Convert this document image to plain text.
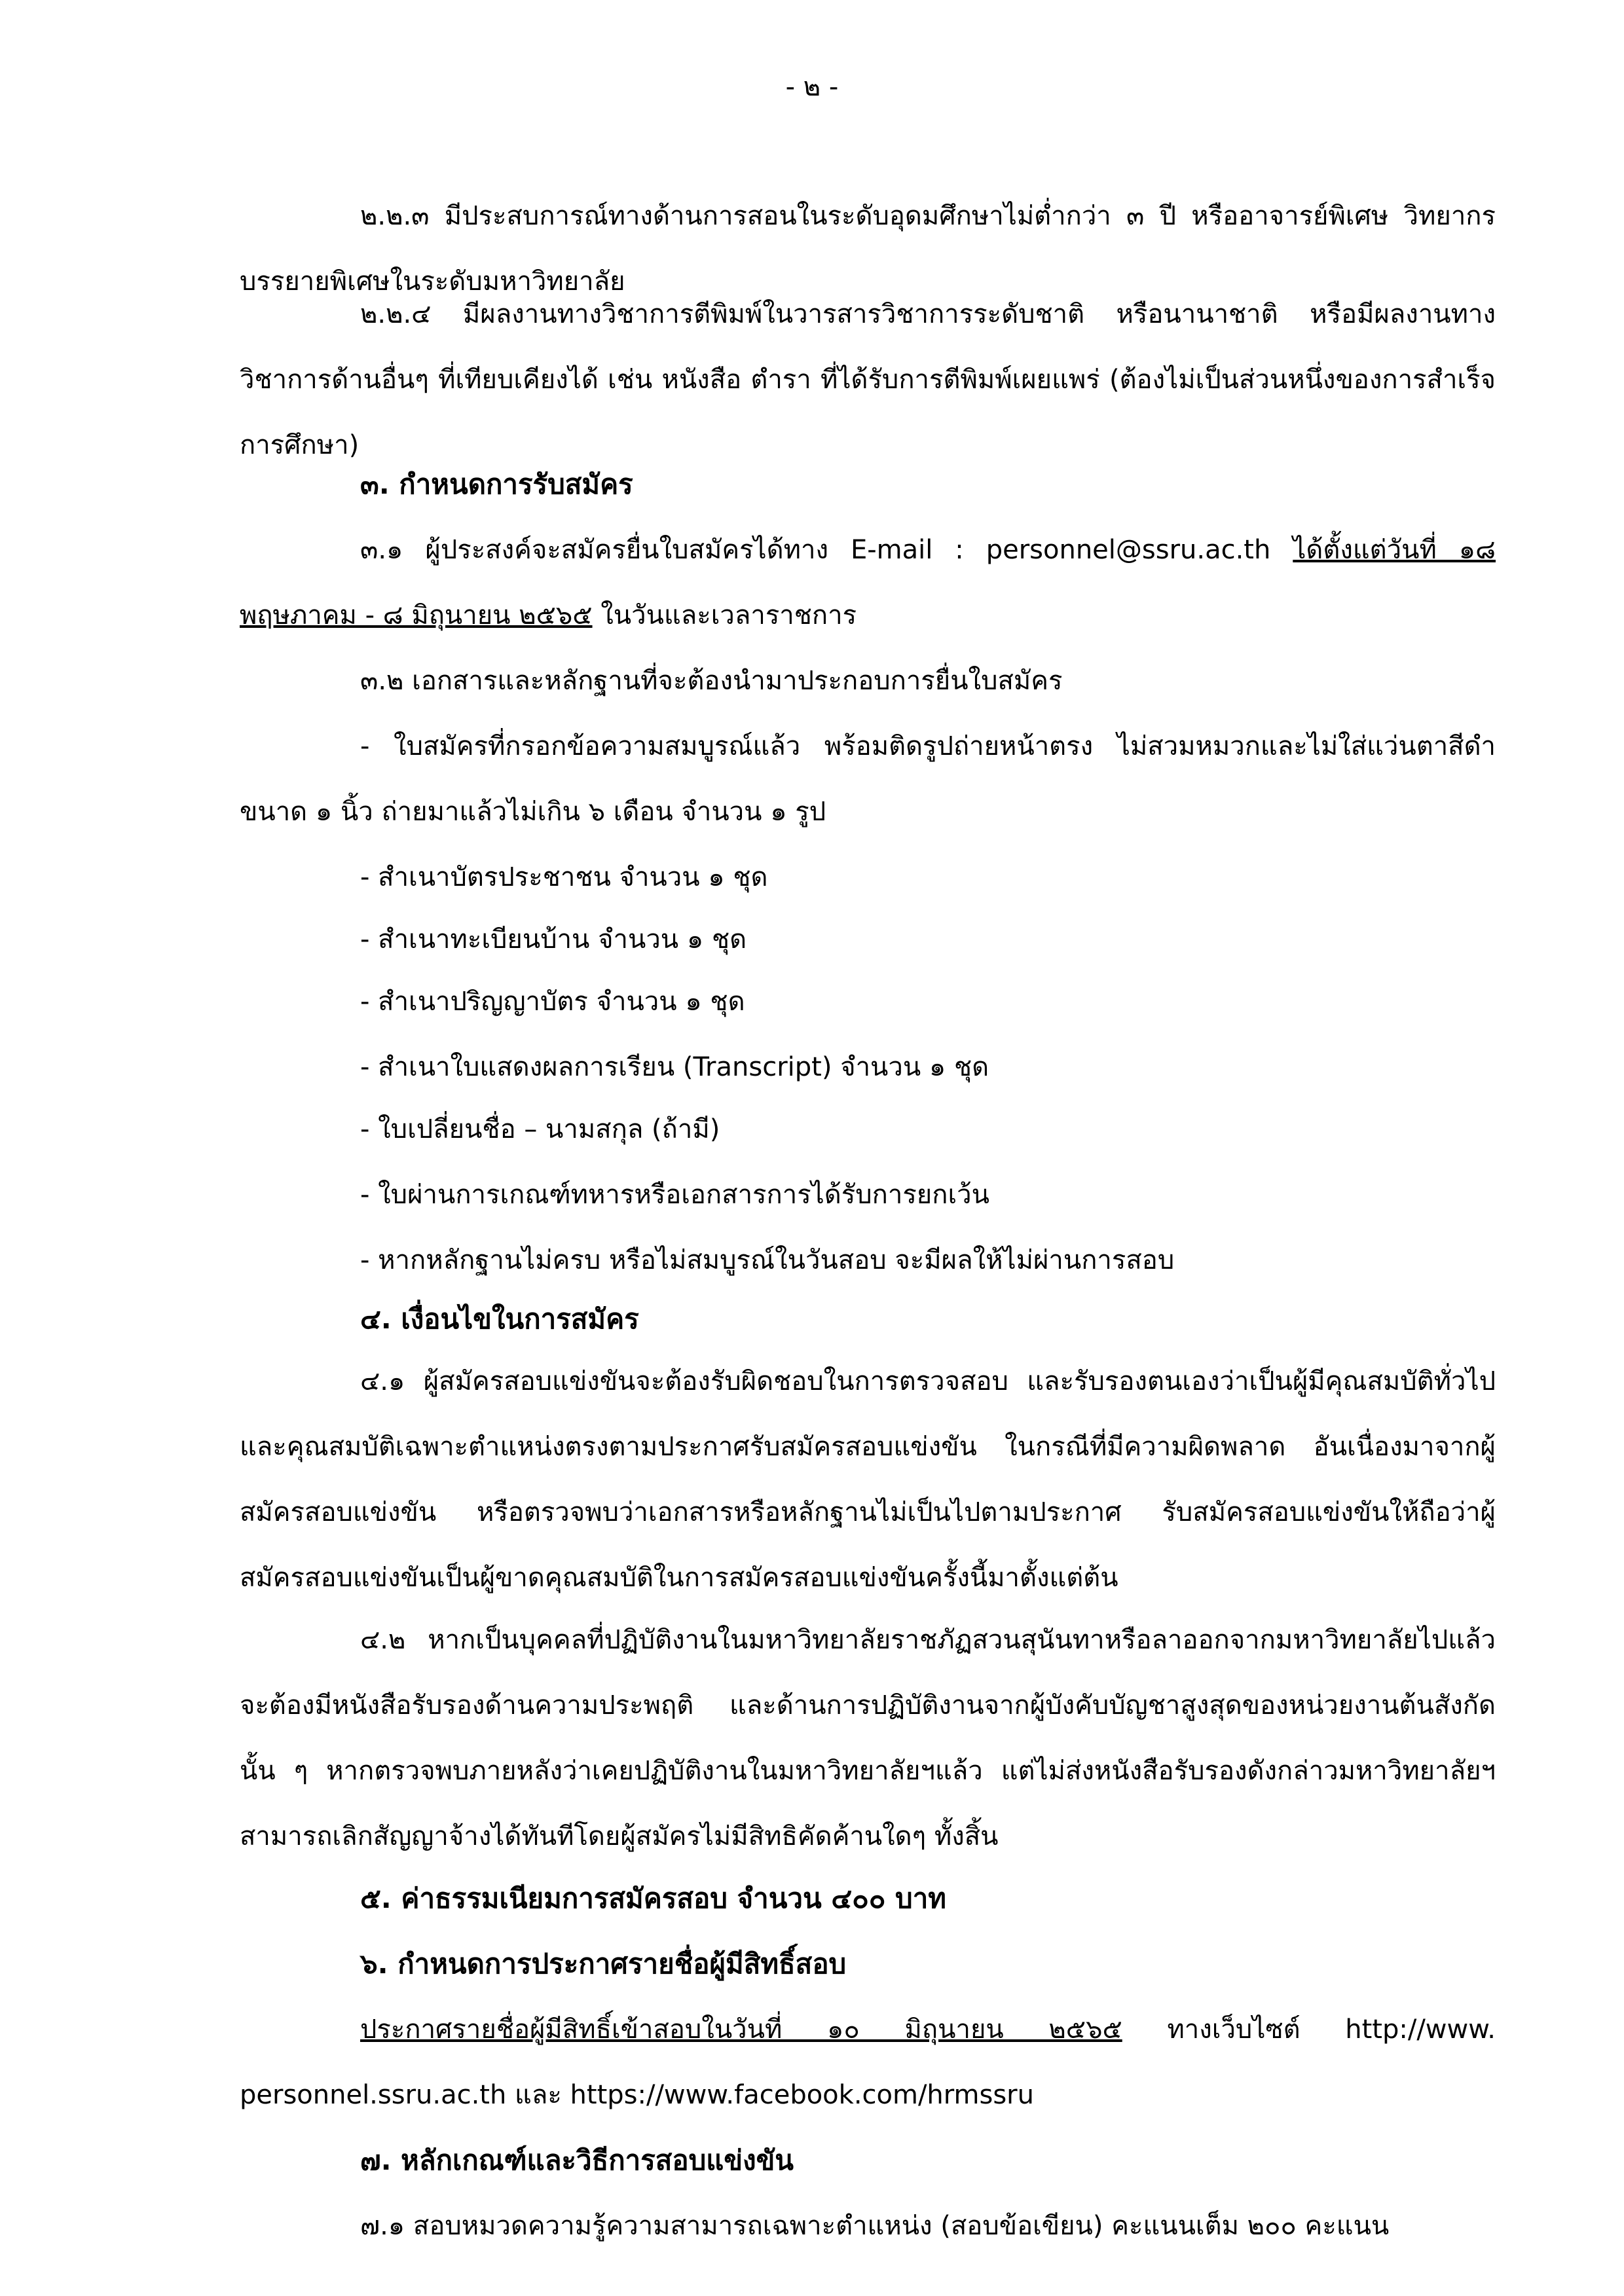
- ๒ -

๒.๒.๓ มีประสบการณ์ทางด้านการสอนในระดับอุดมศึกษาไม่ต่ำกว่า ๓ ปี หรืออาจารย์พิเศษ วิทยากรบรรยายพิเศษในระดับมหาวิทยาลัย

๒.๒.๔ มีผลงานทางวิชาการตีพิมพ์ในวารสารวิชาการระดับชาติ หรือนานาชาติ หรือมีผลงานทางวิชาการด้านอื่นๆ ที่เทียบเคียงได้ เช่น หนังสือ ตำรา ที่ได้รับการตีพิมพ์เผยแพร่ (ต้องไม่เป็นส่วนหนึ่งของการสำเร็จการศึกษา)

๓. กำหนดการรับสมัคร

๓.๑ ผู้ประสงค์จะสมัครยื่นใบสมัครได้ทาง E-mail : personnel@ssru.ac.th ได้ตั้งแต่วันที่ ๑๘ พฤษภาคม - ๘ มิถุนายน ๒๕๖๕ ในวันและเวลาราชการ

๓.๒ เอกสารและหลักฐานที่จะต้องนำมาประกอบการยื่นใบสมัคร

- ใบสมัครที่กรอกข้อความสมบูรณ์แล้ว พร้อมติดรูปถ่ายหน้าตรง ไม่สวมหมวกและไม่ใส่แว่นตาสีดำ ขนาด ๑ นิ้ว ถ่ายมาแล้วไม่เกิน ๖ เดือน จำนวน ๑ รูป

- สำเนาบัตรประชาชน จำนวน ๑ ชุด

- สำเนาทะเบียนบ้าน จำนวน ๑ ชุด

- สำเนาปริญญาบัตร จำนวน ๑ ชุด

- สำเนาใบแสดงผลการเรียน (Transcript) จำนวน ๑ ชุด

- ใบเปลี่ยนชื่อ – นามสกุล (ถ้ามี)

- ใบผ่านการเกณฑ์ทหารหรือเอกสารการได้รับการยกเว้น

- หากหลักฐานไม่ครบ หรือไม่สมบูรณ์ในวันสอบ จะมีผลให้ไม่ผ่านการสอบ

๔. เงื่อนไขในการสมัคร

๔.๑ ผู้สมัครสอบแข่งขันจะต้องรับผิดชอบในการตรวจสอบ และรับรองตนเองว่าเป็นผู้มีคุณสมบัติทั่วไป และคุณสมบัติเฉพาะตำแหน่งตรงตามประกาศรับสมัครสอบแข่งขัน ในกรณีที่มีความผิดพลาด อันเนื่องมาจากผู้สมัครสอบแข่งขัน หรือตรวจพบว่าเอกสารหรือหลักฐานไม่เป็นไปตามประกาศ รับสมัครสอบแข่งขันให้ถือว่าผู้สมัครสอบแข่งขันเป็นผู้ขาดคุณสมบัติในการสมัครสอบแข่งขันครั้งนี้มาตั้งแต่ต้น

๔.๒ หากเป็นบุคคลที่ปฏิบัติงานในมหาวิทยาลัยราชภัฏสวนสุนันทาหรือลาออกจากมหาวิทยาลัยไปแล้ว จะต้องมีหนังสือรับรองด้านความประพฤติ และด้านการปฏิบัติงานจากผู้บังคับบัญชาสูงสุดของหน่วยงานต้นสังกัดนั้น ๆ หากตรวจพบภายหลังว่าเคยปฏิบัติงานในมหาวิทยาลัยฯแล้ว แต่ไม่ส่งหนังสือรับรองดังกล่าวมหาวิทยาลัยฯ สามารถเลิกสัญญาจ้างได้ทันทีโดยผู้สมัครไม่มีสิทธิคัดค้านใดๆ ทั้งสิ้น

๕. ค่าธรรมเนียมการสมัครสอบ จำนวน ๔๐๐ บาท

๖. กำหนดการประกาศรายชื่อผู้มีสิทธิ์สอบ

ประกาศรายชื่อผู้มีสิทธิ์เข้าสอบในวันที่ ๑๐ มิถุนายน ๒๕๖๕ ทางเว็บไซต์ http://www. personnel.ssru.ac.th และ https://www.facebook.com/hrmssru

๗. หลักเกณฑ์และวิธีการสอบแข่งขัน

๗.๑ สอบหมวดความรู้ความสามารถเฉพาะตำแหน่ง (สอบข้อเขียน) คะแนนเต็ม ๒๐๐ คะแนน
